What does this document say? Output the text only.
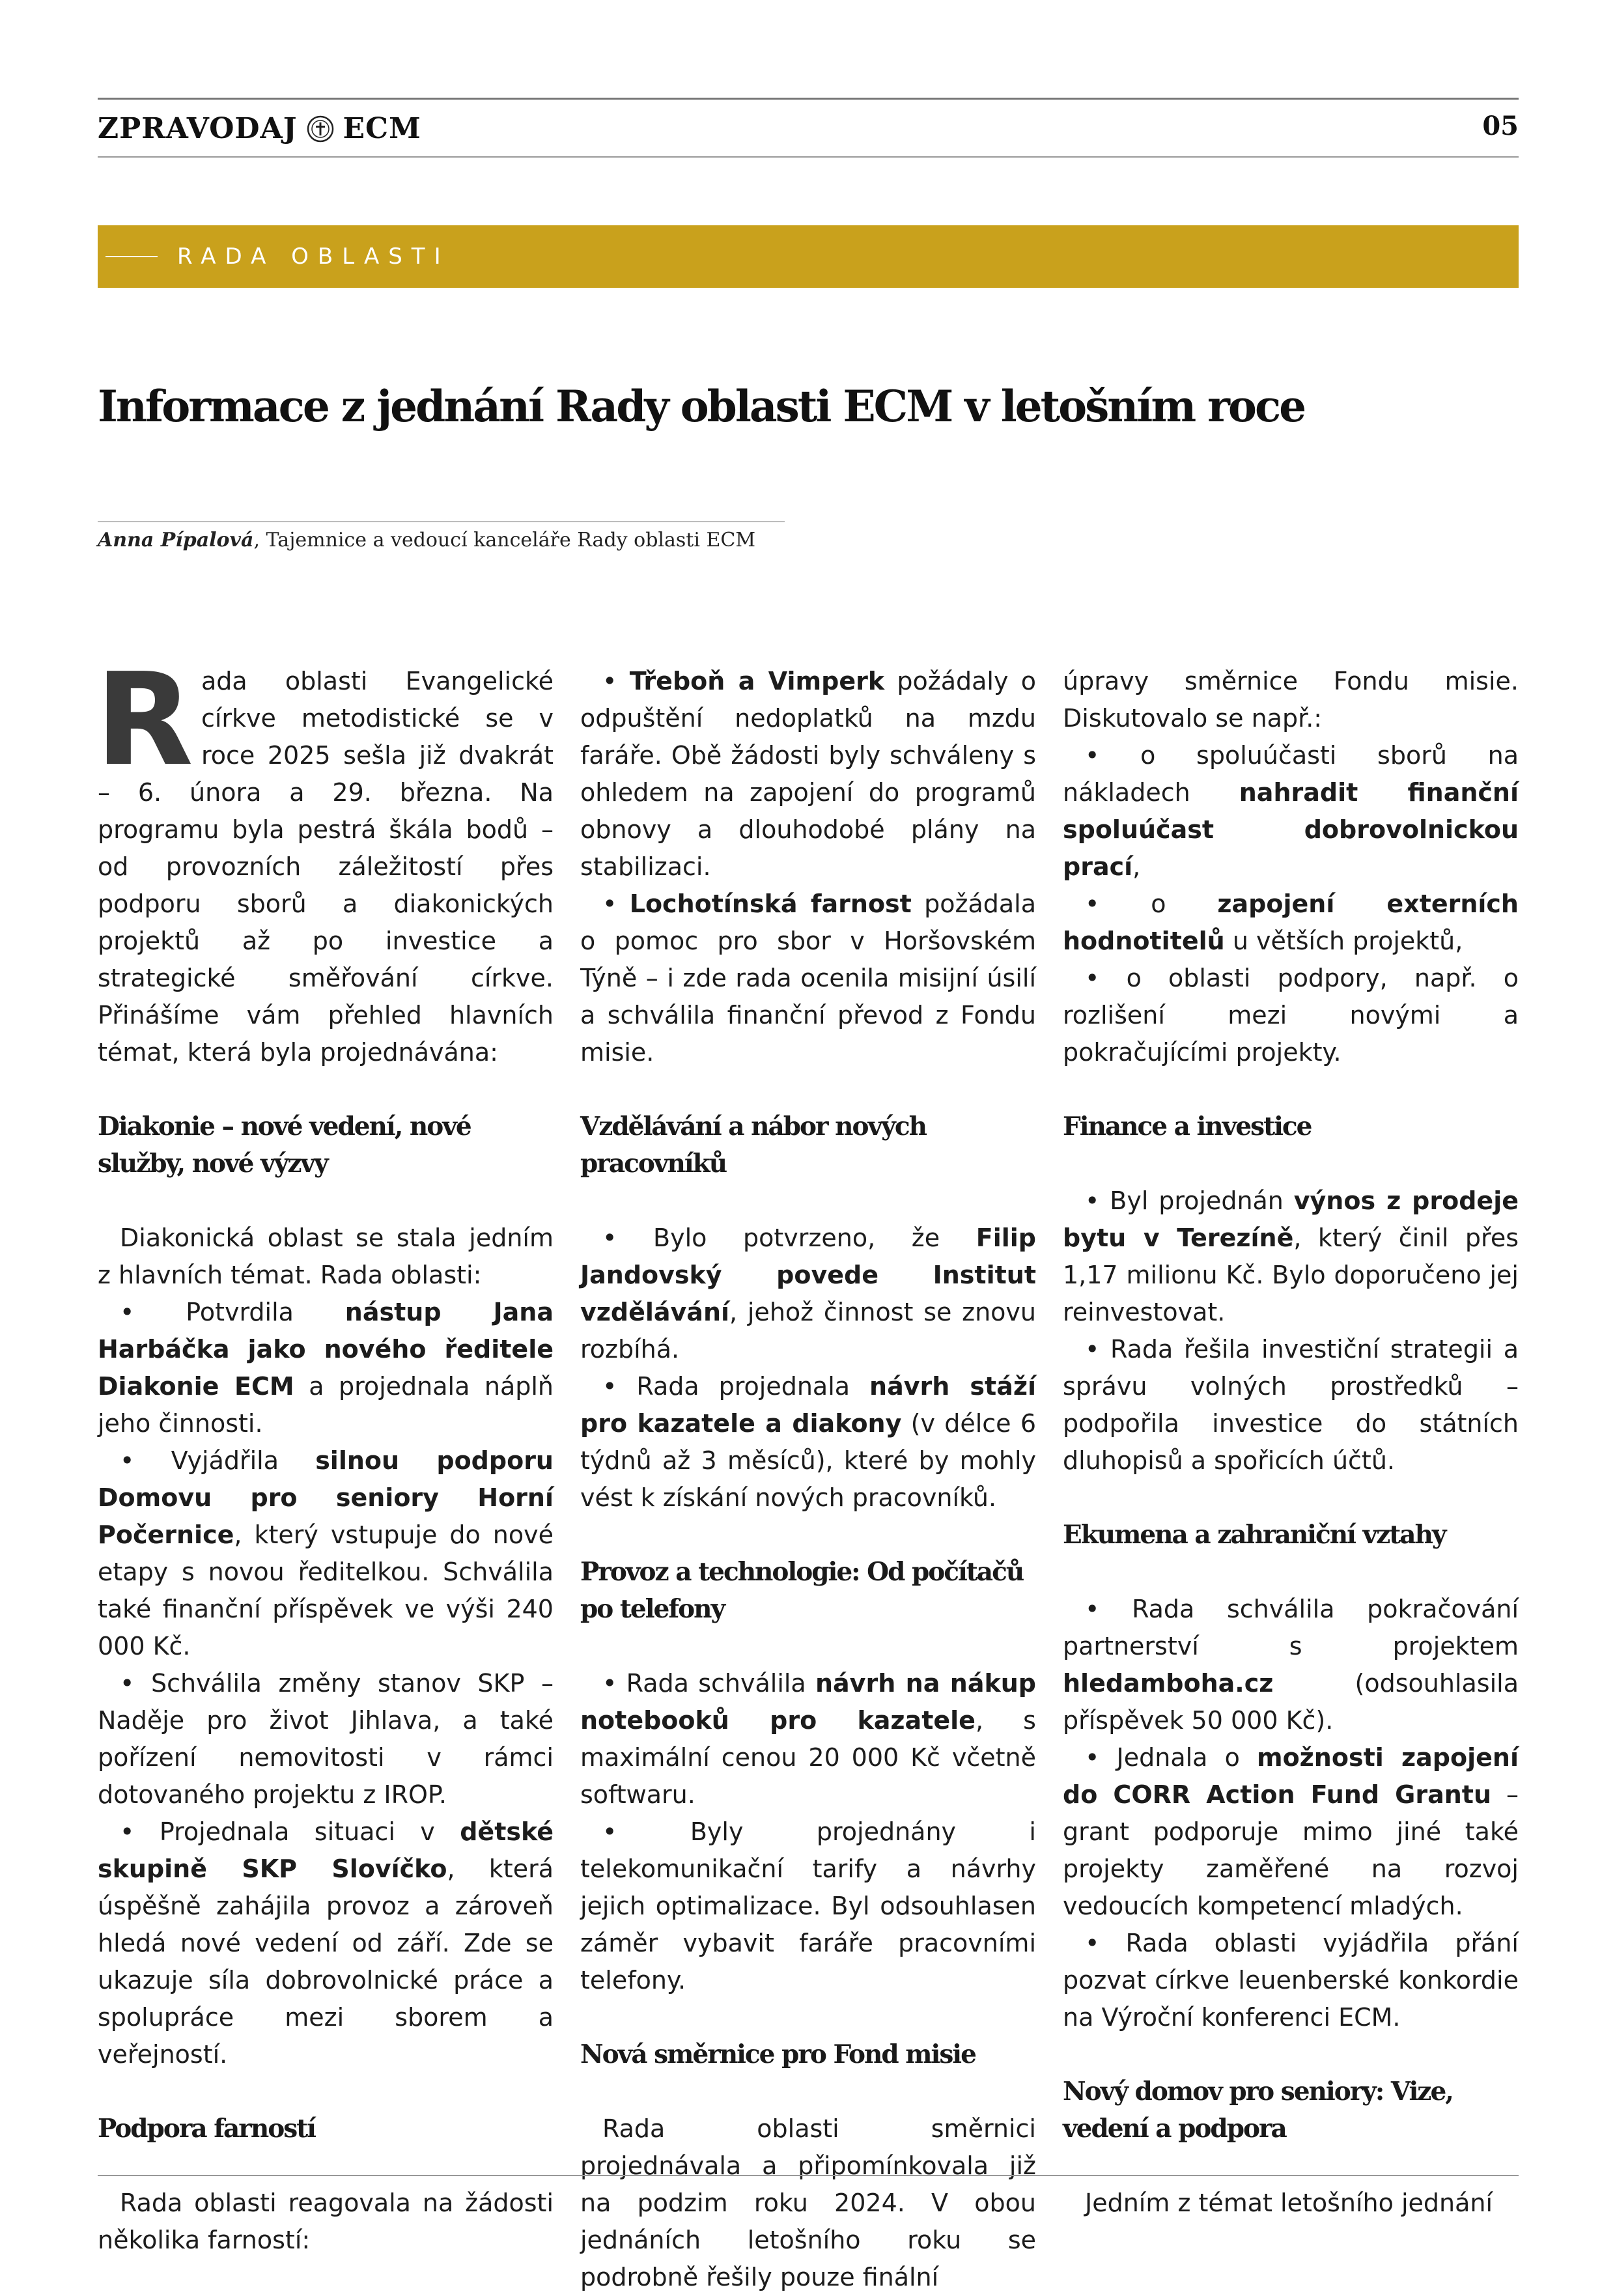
ZPRAVODAJ ECM	05
RADA OBLASTI
Informace z jednání Rady oblasti ECM v letošním roce
Anna Pípalová, Tajemnice a vedoucí kanceláře Rady oblasti ECM

Rada oblasti Evangelické církve metodistické se v roce 2025 sešla již dvakrát – 6. února a 29. března. Na programu byla pestrá škála bodů – od provozních záležitostí přes podporu sborů a diakonických projektů až po investice a strategické směřování církve. Přinášíme vám přehled hlavních témat, která byla projednávána:

Diakonie – nové vedení, nové služby, nové výzvy

Diakonická oblast se stala jedním z hlavních témat. Rada oblasti:

• Potvrdila nástup Jana Harbáčka jako nového ředitele Diakonie ECM a projednala náplň jeho činnosti.

• Vyjádřila silnou podporu Domovu pro seniory Horní Počernice, který vstupuje do nové etapy s novou ředitelkou. Schválila také finanční příspěvek ve výši 240 000 Kč.

• Schválila změny stanov SKP – Naděje pro život Jihlava, a také pořízení nemovitosti v rámci dotovaného projektu z IROP.

• Projednala situaci v dětské skupině SKP Slovíčko, která úspěšně zahájila provoz a zároveň hledá nové vedení od září. Zde se ukazuje síla dobrovolnické práce a spolupráce mezi sborem a veřejností.

Podpora farností

Rada oblasti reagovala na žádosti několika farností:

• Třeboň a Vimperk požádaly o odpuštění nedoplatků na mzdu faráře. Obě žádosti byly schváleny s ohledem na zapojení do programů obnovy a dlouhodobé plány na stabilizaci.

• Lochotínská farnost požádala o pomoc pro sbor v Horšovském Týně – i zde rada ocenila misijní úsilí a schválila finanční převod z Fondu misie.

Vzdělávání a nábor nových pracovníků

• Bylo potvrzeno, že Filip Jandovský povede Institut vzdělávání, jehož činnost se znovu rozbíhá.

• Rada projednala návrh stáží pro kazatele a diakony (v délce 6 týdnů až 3 měsíců), které by mohly vést k získání nových pracovníků.

Provoz a technologie: Od počítačů po telefony

• Rada schválila návrh na nákup notebooků pro kazatele, s maximální cenou 20 000 Kč včetně softwaru.

• Byly projednány i telekomunikační tarify a návrhy jejich optimalizace. Byl odsouhlasen záměr vybavit faráře pracovními telefony.

Nová směrnice pro Fond misie

Rada oblasti směrnici projednávala a připomínkovala již na podzim roku 2024. V obou jednáních letošního roku se podrobně řešily pouze finální

úpravy směrnice Fondu misie. Diskutovalo se např.:

• o spoluúčasti sborů na nákladech nahradit finanční spoluúčast dobrovolnickou prací,

• o zapojení externích hodnotitelů u větších projektů,

• o oblasti podpory, např. o rozlišení mezi novými a pokračujícími projekty.

Finance a investice

• Byl projednán výnos z prodeje bytu v Terezíně, který činil přes 1,17 milionu Kč. Bylo doporučeno jej reinvestovat.

• Rada řešila investiční strategii a správu volných prostředků – podpořila investice do státních dluhopisů a spořicích účtů.

Ekumena a zahraniční vztahy

• Rada schválila pokračování partnerství s projektem hledamboha.cz (odsouhlasila příspěvek 50 000 Kč).

• Jednala o možnosti zapojení do CORR Action Fund Grantu – grant podporuje mimo jiné také projekty zaměřené na rozvoj vedoucích kompetencí mladých.

• Rada oblasti vyjádřila přání pozvat církve leuenberské konkordie na Výroční konferenci ECM.

Nový domov pro seniory: Vize, vedení a podpora

Jedním z témat letošního jednání
